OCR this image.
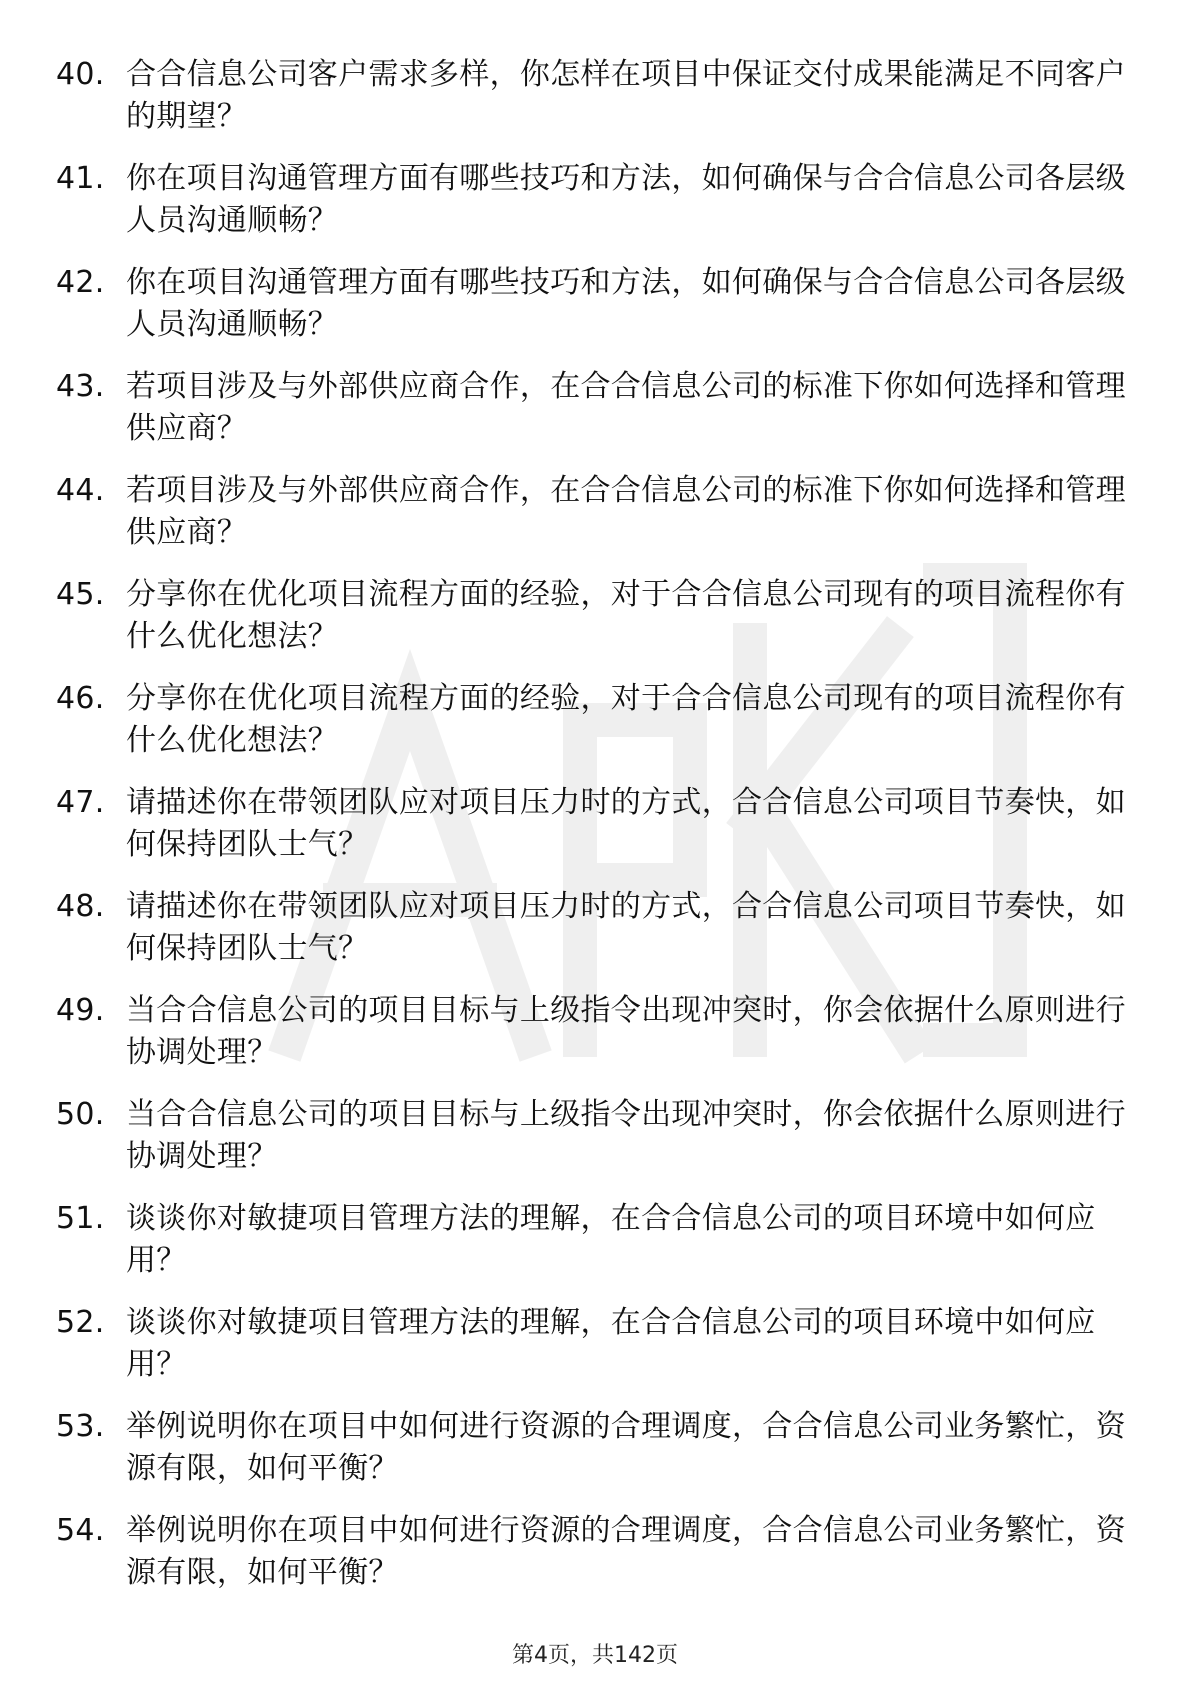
40. 合合信息公司客户需求多样，你怎样在项目中保证交付成果能满足不同客户的期望？
41. 你在项目沟通管理方面有哪些技巧和方法，如何确保与合合信息公司各层级人员沟通顺畅？
42. 你在项目沟通管理方面有哪些技巧和方法，如何确保与合合信息公司各层级人员沟通顺畅？
43. 若项目涉及与外部供应商合作，在合合信息公司的标准下你如何选择和管理供应商？
44. 若项目涉及与外部供应商合作，在合合信息公司的标准下你如何选择和管理供应商？
45. 分享你在优化项目流程方面的经验，对于合合信息公司现有的项目流程你有什么优化想法？
46. 分享你在优化项目流程方面的经验，对于合合信息公司现有的项目流程你有什么优化想法？
47. 请描述你在带领团队应对项目压力时的方式，合合信息公司项目节奏快，如何保持团队士气？
48. 请描述你在带领团队应对项目压力时的方式，合合信息公司项目节奏快，如何保持团队士气？
49. 当合合信息公司的项目目标与上级指令出现冲突时，你会依据什么原则进行协调处理？
50. 当合合信息公司的项目目标与上级指令出现冲突时，你会依据什么原则进行协调处理？
51. 谈谈你对敏捷项目管理方法的理解，在合合信息公司的项目环境中如何应用？
52. 谈谈你对敏捷项目管理方法的理解，在合合信息公司的项目环境中如何应用？
53. 举例说明你在项目中如何进行资源的合理调度，合合信息公司业务繁忙，资源有限，如何平衡？
54. 举例说明你在项目中如何进行资源的合理调度，合合信息公司业务繁忙，资源有限，如何平衡？
第4页，共142页
